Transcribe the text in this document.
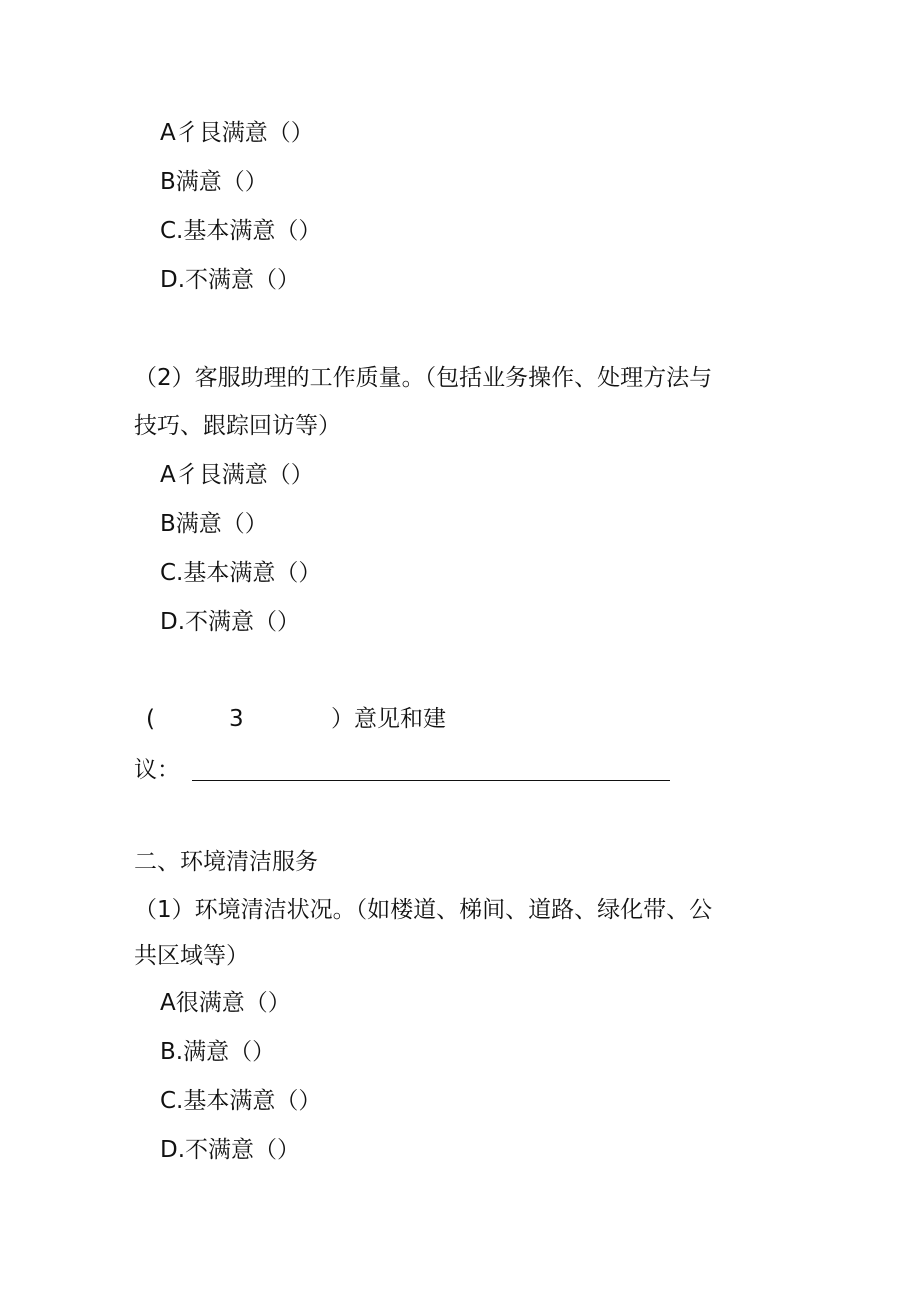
A彳艮满意（）
B满意（）
C.基本满意（）
D.不满意（）
（2）客服助理的工作质量。（包括业务操作、处理方法与
技巧、跟踪回访等）
A彳艮满意（）
B满意（）
C.基本满意（）
D.不满意（）
(	3	）意见和建
议：
二、环境清洁服务
（1）环境清洁状况。（如楼道、梯间、道路、绿化带、公
共区域等）
A很满意（）
B.满意（）
C.基本满意（）
D.不满意（）
